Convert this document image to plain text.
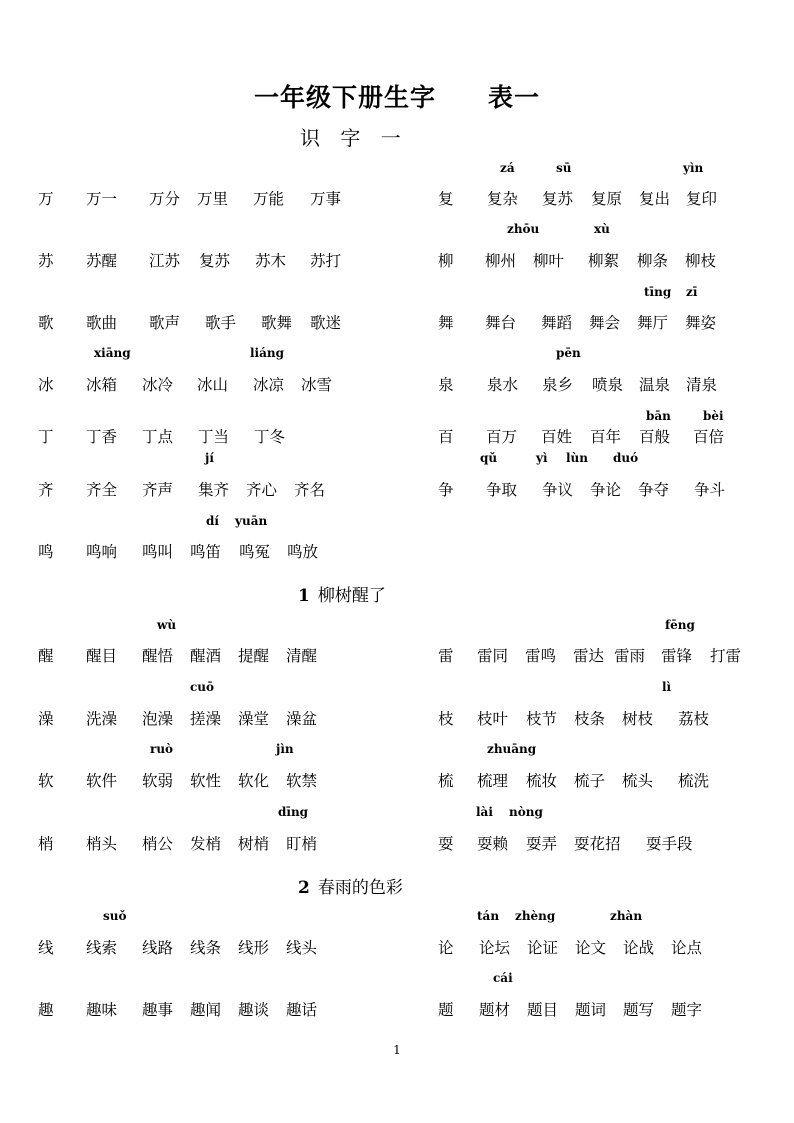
一年级下册生字 表一
识 字 一
1 柳树醒了
2 春雨的色彩
zá	sū	yìn
zhōu	xù
tīng zī
xiāng	liáng	pēn
bān	bèi
jí	qǔ	yì lùn duó
dí yuān
wù	fēng
cuō	lì
ruò	jìn	zhuāng
dīng	lài nòng
suǒ	tán zhèng	zhàn
cái
万 万一 万分 万里 万能 万事	复 复杂 复苏 复原 复出 复印
苏 苏醒 江苏 复苏 苏木 苏打	柳 柳州 柳叶 柳絮 柳条 柳枝
歌 歌曲 歌声 歌手 歌舞 歌迷	舞 舞台 舞蹈 舞会 舞厅 舞姿
冰 冰箱 冰冷 冰山 冰凉 冰雪	泉 泉水 泉乡 喷泉 温泉 清泉
丁 丁香 丁点 丁当 丁冬	百 百万 百姓 百年 百般 百倍
齐 齐全 齐声 集齐 齐心 齐名	争 争取 争议 争论 争夺 争斗
鸣 鸣响 鸣叫 鸣笛 鸣冤 鸣放
醒 醒目 醒悟 醒酒 提醒 清醒	雷 雷同 雷鸣 雷达 雷雨 雷锋 打雷
澡 洗澡 泡澡 搓澡 澡堂 澡盆	枝 枝叶 枝节 枝条 树枝 荔枝
软 软件 软弱 软性 软化 软禁	梳 梳理 梳妆 梳子 梳头 梳洗
梢 梢头 梢公 发梢 树梢 盯梢	耍 耍赖 耍弄 耍花招 耍手段
线 线索 线路 线条 线形 线头	论 论坛 论证 论文 论战 论点
趣 趣味 趣事 趣闻 趣谈 趣话	题 题材 题目 题词 题写 题字
1
